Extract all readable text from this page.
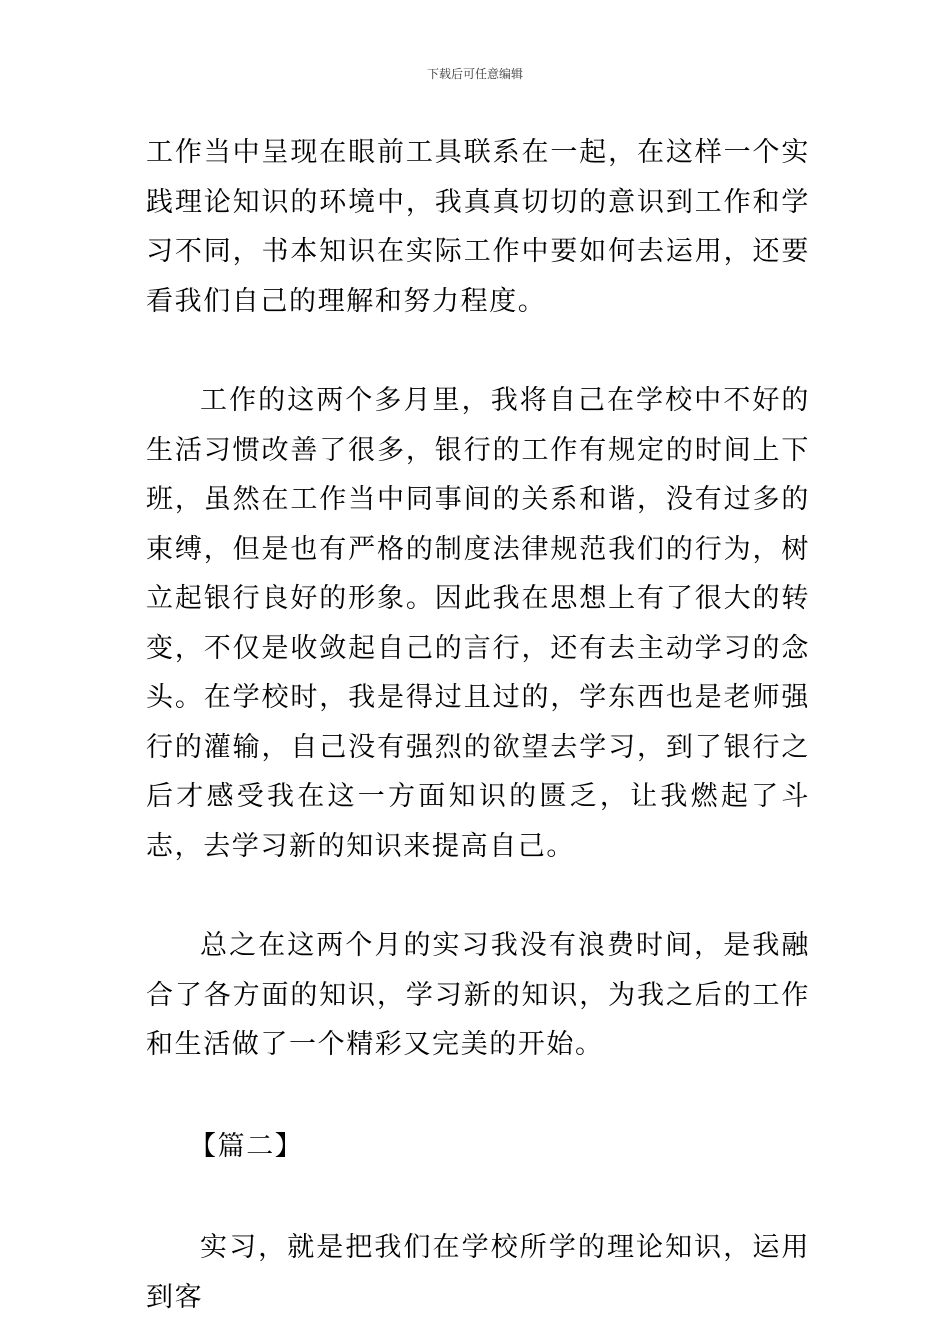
下载后可任意编辑

工作当中呈现在眼前工具联系在一起，在这样一个实践理论知识的环境中，我真真切切的意识到工作和学习不同，书本知识在实际工作中要如何去运用，还要看我们自己的理解和努力程度。

工作的这两个多月里，我将自己在学校中不好的生活习惯改善了很多，银行的工作有规定的时间上下班，虽然在工作当中同事间的关系和谐，没有过多的束缚，但是也有严格的制度法律规范我们的行为，树立起银行良好的形象。因此我在思想上有了很大的转变，不仅是收敛起自己的言行，还有去主动学习的念头。在学校时，我是得过且过的，学东西也是老师强行的灌输，自己没有强烈的欲望去学习，到了银行之后才感受我在这一方面知识的匮乏，让我燃起了斗志，去学习新的知识来提高自己。

总之在这两个月的实习我没有浪费时间，是我融合了各方面的知识，学习新的知识，为我之后的工作和生活做了一个精彩又完美的开始。

【篇二】

实习，就是把我们在学校所学的理论知识，运用到客
